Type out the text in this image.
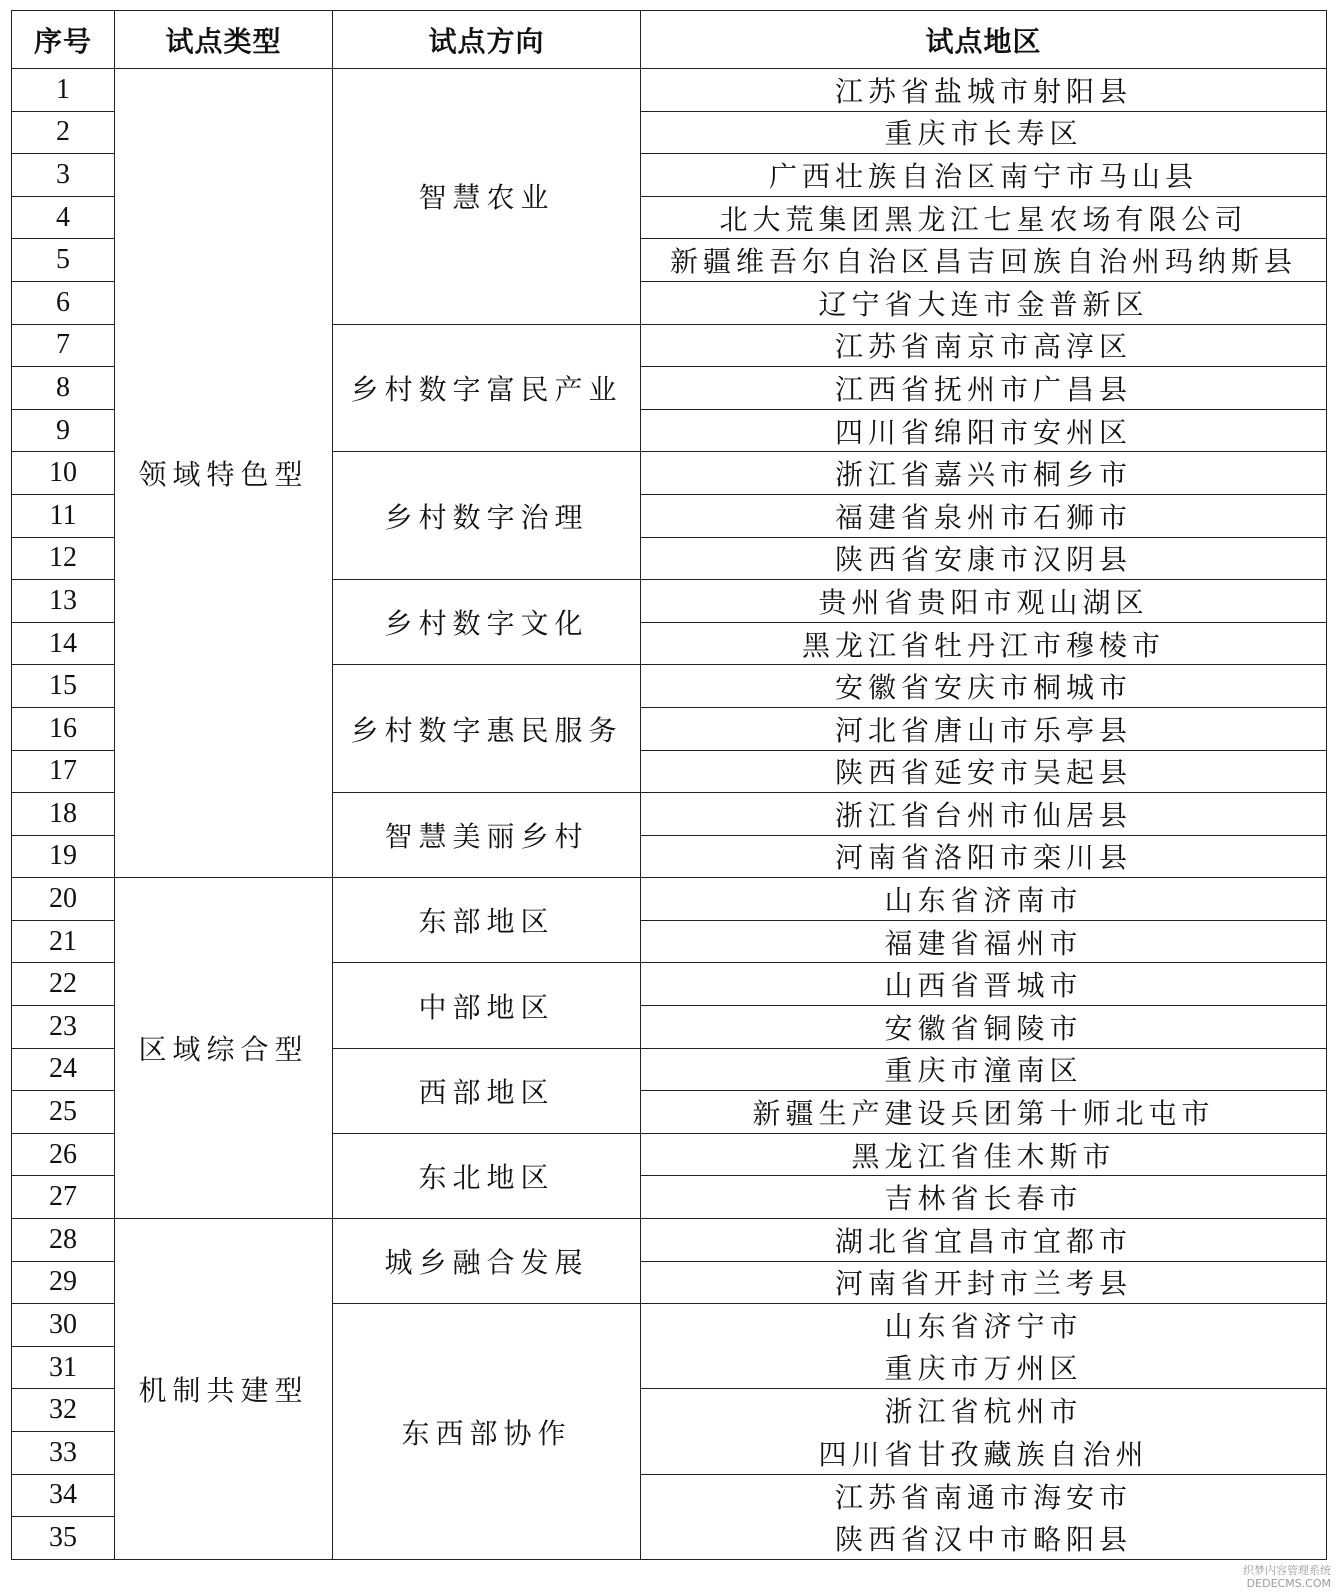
序号	试点类型	试点方向	试点地区
1	领域特色型	智慧农业	江苏省盐城市射阳县
2			重庆市长寿区
3			广西壮族自治区南宁市马山县
4			北大荒集团黑龙江七星农场有限公司
5			新疆维吾尔自治区昌吉回族自治州玛纳斯县
6			辽宁省大连市金普新区
7		乡村数字富民产业	江苏省南京市高淳区
8			江西省抚州市广昌县
9			四川省绵阳市安州区
10		乡村数字治理	浙江省嘉兴市桐乡市
11			福建省泉州市石狮市
12			陕西省安康市汉阴县
13		乡村数字文化	贵州省贵阳市观山湖区
14			黑龙江省牡丹江市穆棱市
15		乡村数字惠民服务	安徽省安庆市桐城市
16			河北省唐山市乐亭县
17			陕西省延安市吴起县
18		智慧美丽乡村	浙江省台州市仙居县
19			河南省洛阳市栾川县
20	区域综合型	东部地区	山东省济南市
21			福建省福州市
22		中部地区	山西省晋城市
23			安徽省铜陵市
24		西部地区	重庆市潼南区
25			新疆生产建设兵团第十师北屯市
26		东北地区	黑龙江省佳木斯市
27			吉林省长春市
28	机制共建型	城乡融合发展	湖北省宜昌市宜都市
29			河南省开封市兰考县
30		东西部协作	山东省济宁市
31			重庆市万州区
32			浙江省杭州市
33			四川省甘孜藏族自治州
34			江苏省南通市海安市
35			陕西省汉中市略阳县
织梦内容管理系统
DEDECMS.COM
